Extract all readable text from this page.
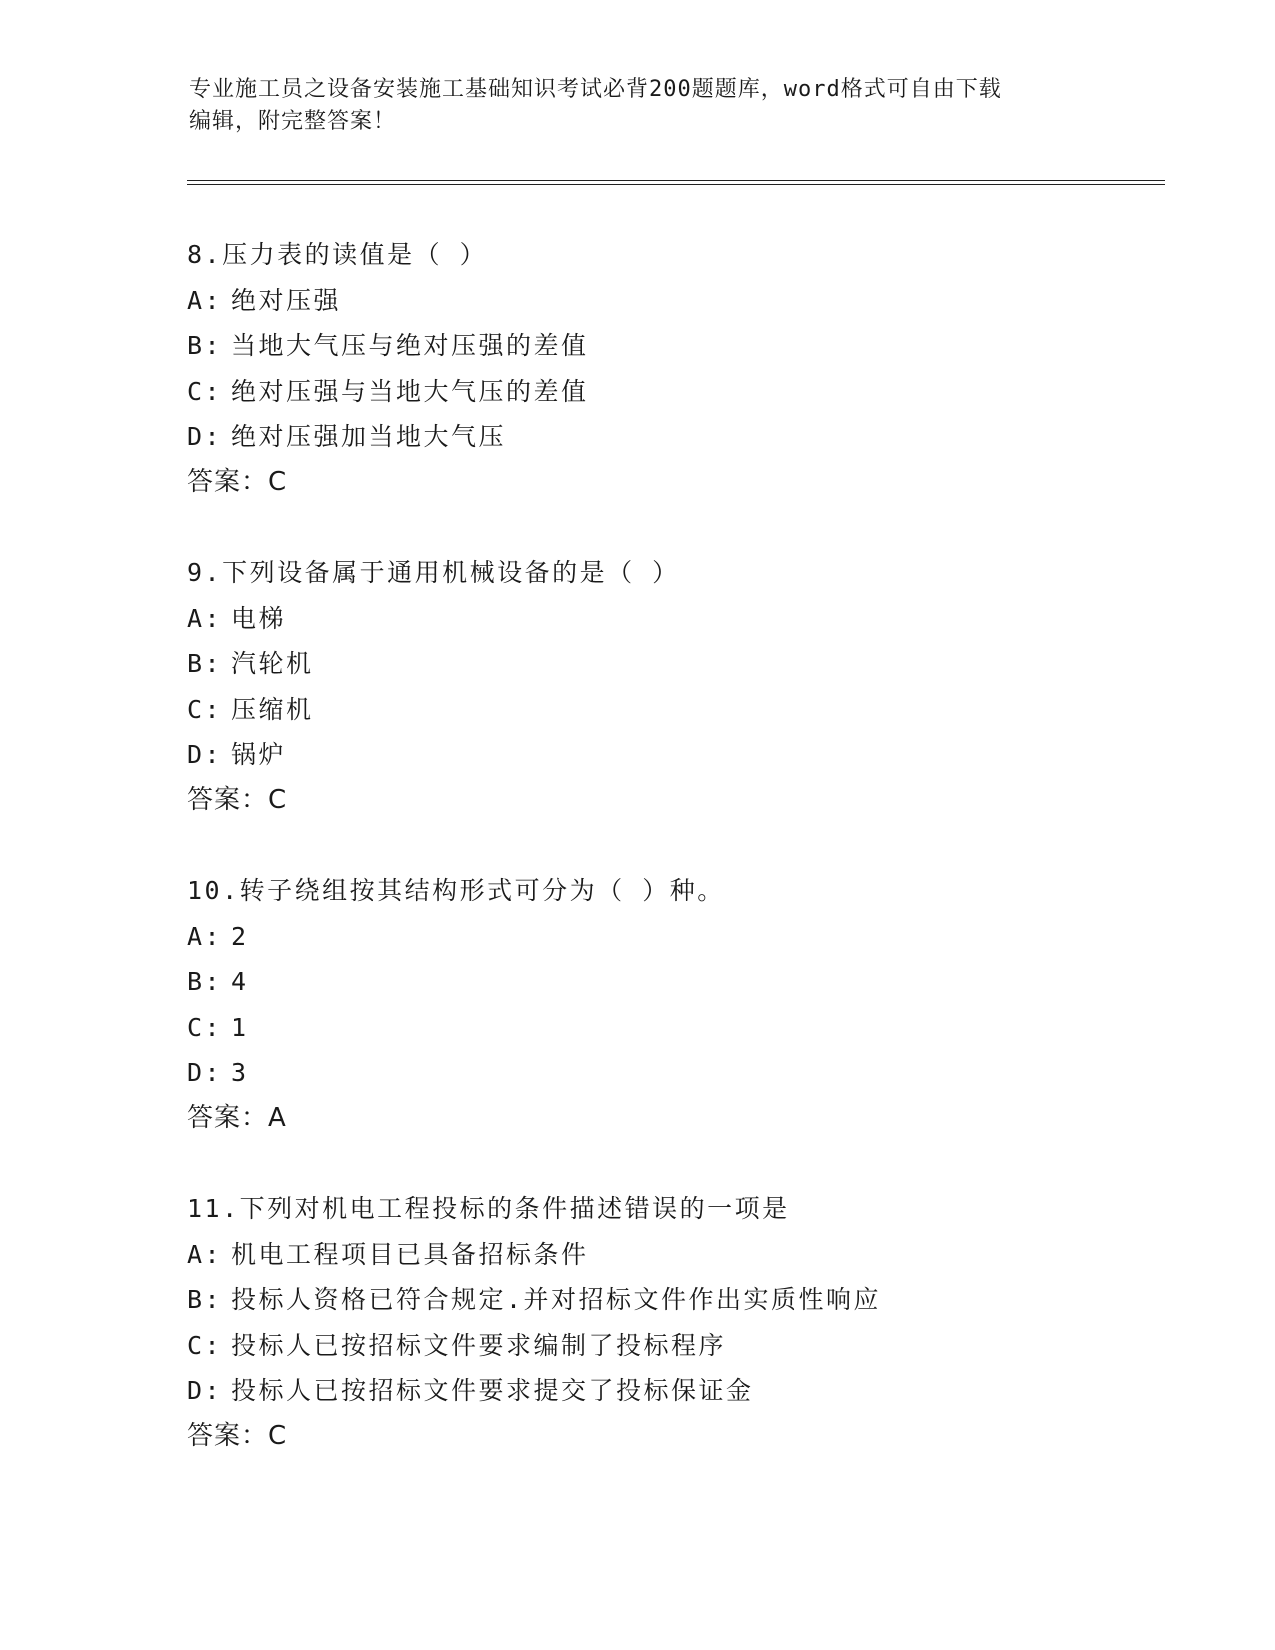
专业施工员之设备安装施工基础知识考试必背200题题库，word格式可自由下载
编辑，附完整答案！
8.压力表的读值是（ ）
A: 绝对压强
B: 当地大气压与绝对压强的差值
C: 绝对压强与当地大气压的差值
D: 绝对压强加当地大气压
答案：C
9.下列设备属于通用机械设备的是（ ）
A: 电梯
B: 汽轮机
C: 压缩机
D: 锅炉
答案：C
10.转子绕组按其结构形式可分为（ ）种。
A: 2
B: 4
C: 1
D: 3
答案：A
11.下列对机电工程投标的条件描述错误的一项是
A: 机电工程项目已具备招标条件
B: 投标人资格已符合规定.并对招标文件作出实质性响应
C: 投标人已按招标文件要求编制了投标程序
D: 投标人已按招标文件要求提交了投标保证金
答案：C
